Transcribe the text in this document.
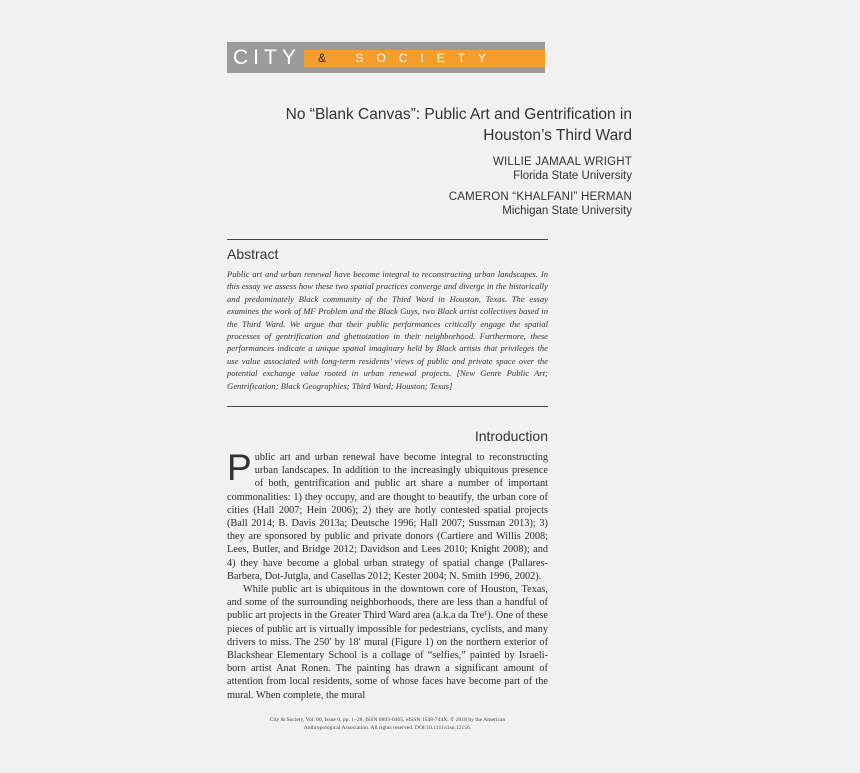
CITY	& SOCIETY
No “Blank Canvas”: Public Art and Gentrification in
Houston’s Third Ward
WILLIE JAMAAL WRIGHT
Florida State University
CAMERON “KHALFANI” HERMAN
Michigan State University
Abstract
Public art and urban renewal have become integral to reconstructing urban landscapes. In this essay we assess how these two spatial practices converge and diverge in the historically and predominately Black community of the Third Ward in Houston, Texas. The essay examines the work of MF Problem and the Black Guys, two Black artist collectives based in the Third Ward. We argue that their public performances critically engage the spatial processes of gentrification and ghettoization in their neighborhood. Furthermore, these performances indicate a unique spatial imaginary held by Black artists that privileges the use value associated with long-term residents’ views of public and private space over the potential exchange value rooted in urban renewal projects. [New Genre Public Art; Gentrification; Black Geographies; Third Ward; Houston; Texas]
Introduction

Public art and urban renewal have become integral to reconstructing urban landscapes. In addition to the increasingly ubiquitous presence of both, gentrification and public art share a number of important commonalities: 1) they occupy, and are thought to beautify, the urban core of cities (Hall 2007; Hein 2006); 2) they are hotly contested spatial projects (Ball 2014; B. Davis 2013a; Deutsche 1996; Hall 2007; Sussman 2013); 3) they are sponsored by public and private donors (Cartiere and Willis 2008; Lees, Butler, and Bridge 2012; Davidson and Lees 2010; Knight 2008); and 4) they have become a global urban strategy of spatial change (Pallares-Barbera, Dot-Jutgla, and Casellas 2012; Kester 2004; N. Smith 1996, 2002).

While public art is ubiquitous in the downtown core of Houston, Texas, and some of the surrounding neighborhoods, there are less than a handful of public art projects in the Greater Third Ward area (a.k.a da Tre¹). One of these pieces of public art is virtually impossible for pedestrians, cyclists, and many drivers to miss. The 250′ by 18′ mural (Figure 1) on the northern exterior of Blackshear Elementary School is a collage of “selfies,” painted by Israeli-born artist Anat Ronen. The painting has drawn a significant amount of attention from local residents, some of whose faces have become part of the mural. When complete, the mural

City & Society, Vol. 00, Issue 0, pp. 1–28, ISSN 0893-0465, eISSN 1548-744X. © 2018 by the American
Anthropological Association. All rights reserved. DOI:10.1111/ciso.12156.
